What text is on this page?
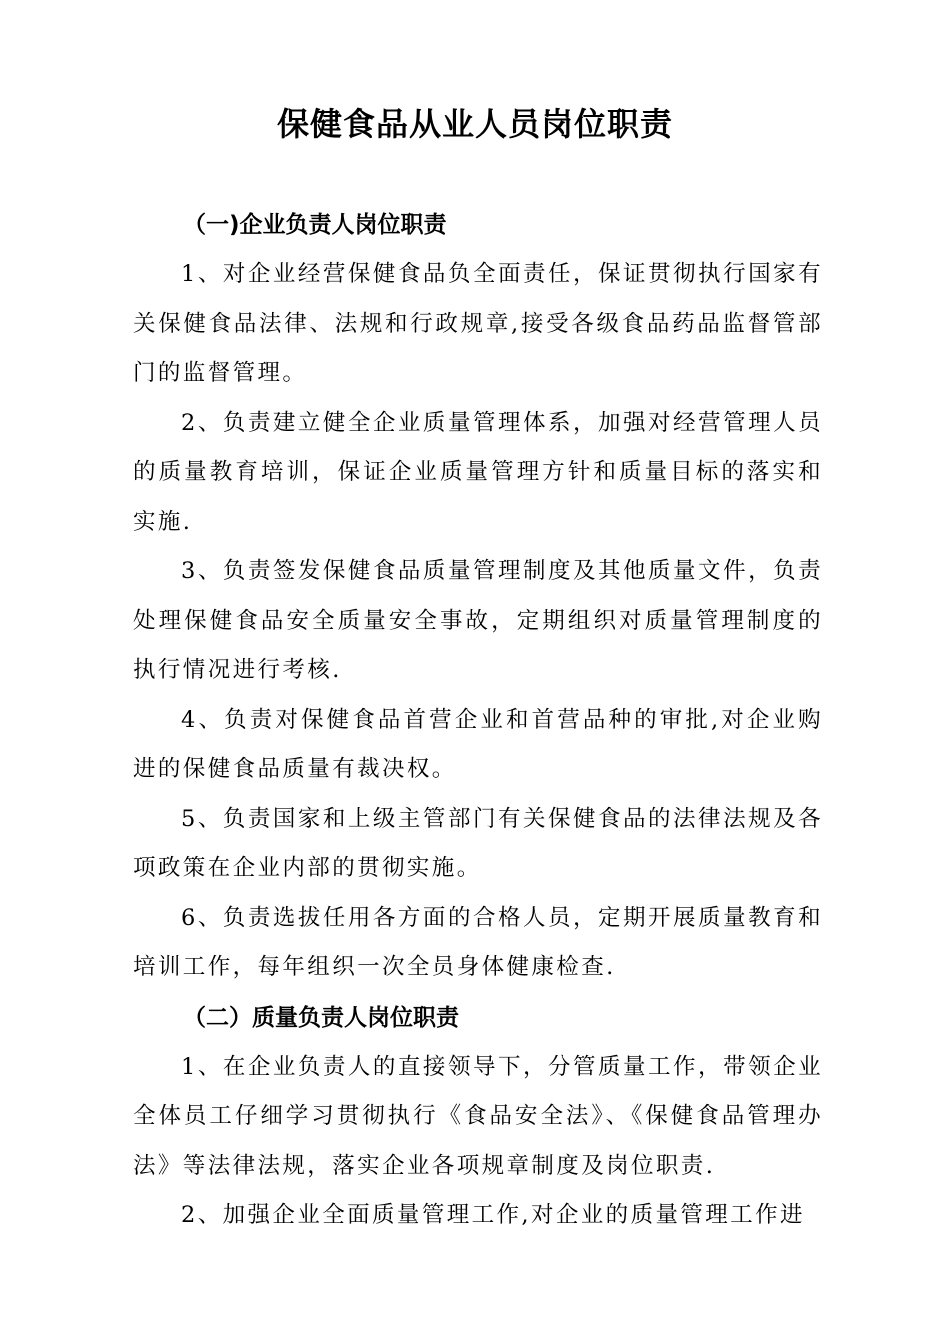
保健食品从业人员岗位职责

（一)企业负责人岗位职责

1、对企业经营保健食品负全面责任，保证贯彻执行国家有关保健食品法律、法规和行政规章,接受各级食品药品监督管部门的监督管理。

2、负责建立健全企业质量管理体系，加强对经营管理人员的质量教育培训，保证企业质量管理方针和质量目标的落实和实施.

3、负责签发保健食品质量管理制度及其他质量文件，负责处理保健食品安全质量安全事故，定期组织对质量管理制度的执行情况进行考核.

4、负责对保健食品首营企业和首营品种的审批,对企业购进的保健食品质量有裁决权。

5、负责国家和上级主管部门有关保健食品的法律法规及各项政策在企业内部的贯彻实施。

6、负责选拔任用各方面的合格人员，定期开展质量教育和培训工作，每年组织一次全员身体健康检查.

（二）质量负责人岗位职责

1、在企业负责人的直接领导下，分管质量工作，带领企业全体员工仔细学习贯彻执行《食品安全法》、《保健食品管理办法》等法律法规，落实企业各项规章制度及岗位职责.

2、加强企业全面质量管理工作,对企业的质量管理工作进
